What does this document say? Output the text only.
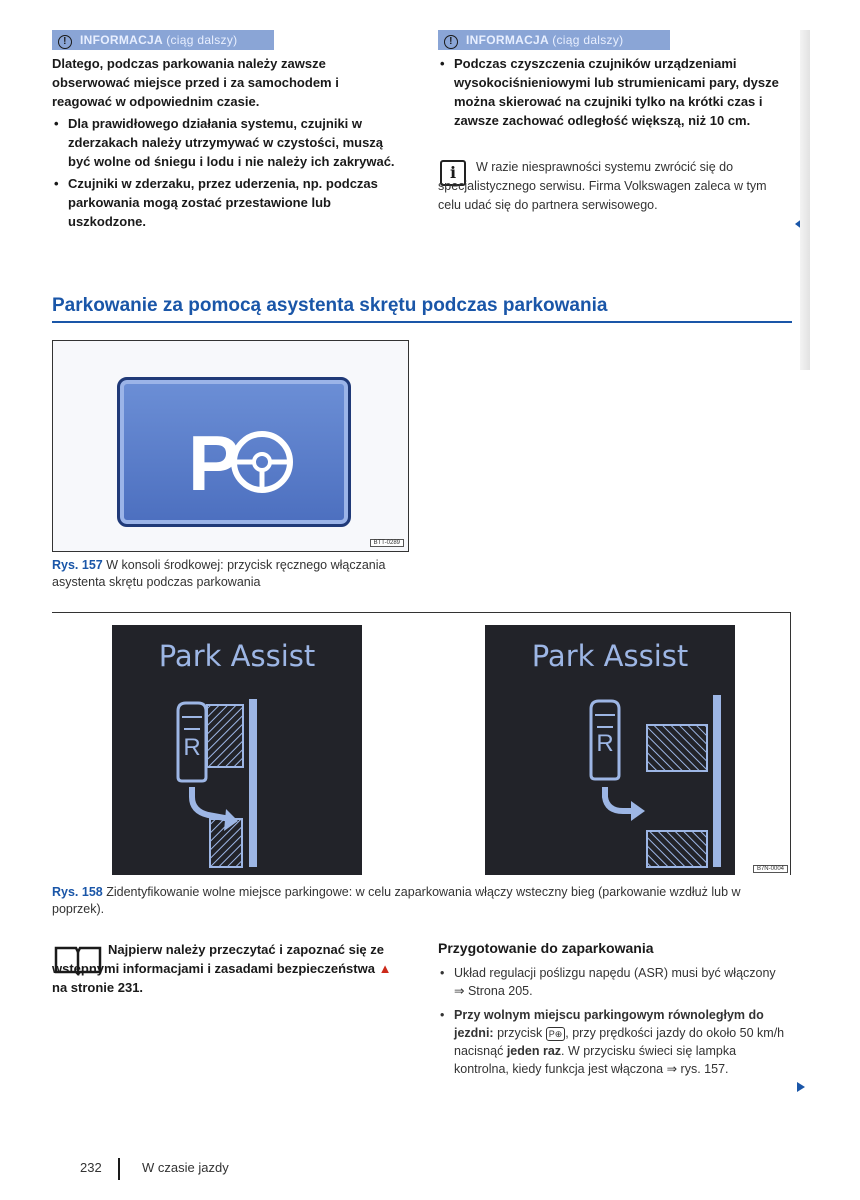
! INFORMACJA (ciąg dalszy)

Dlatego, podczas parkowania należy zawsze obserwować miejsce przed i za samochodem i reagować w odpowiednim czasie.

• Dla prawidłowego działania systemu, czujniki w zderzakach należy utrzymywać w czystości, muszą być wolne od śniegu i lodu i nie należy ich zakrywać.

• Czujniki w zderzaku, przez uderzenia, np. podczas parkowania mogą zostać przestawione lub uszkodzone.

! INFORMACJA (ciąg dalszy)

• Podczas czyszczenia czujników urządzeniami wysokociśnieniowymi lub strumienicami pary, dysze można skierować na czujniki tylko na krótki czas i zawsze zachować odległość większą, niż 10 cm.

i	W razie niesprawności systemu zwrócić się do specjalistycznego serwisu. Firma Volkswagen zaleca w tym celu udać się do partnera serwisowego.
Parkowanie za pomocą asystenta skrętu podczas parkowania
P
BTT-0289
Rys. 157 W konsoli środkowej: przycisk ręcznego włączania asystenta skrętu podczas parkowania
Park Assist
R
Park Assist
R
B7N-0004
Rys. 158 Zidentyfikowanie wolne miejsce parkingowe: w celu zaparkowania włączy wsteczny bieg (parkowanie wzdłuż lub w poprzek).
Najpierw należy przeczytać i zapoznać się ze wstępnymi informacjami i zasadami bezpieczeństwa ▲ na stronie 231.
Przygotowanie do zaparkowania

• Układ regulacji poślizgu napędu (ASR) musi być włączony ⇒ Strona 205.

• Przy wolnym miejscu parkingowym równoległym do jezdni: przycisk P⊕ , przy prędkości jazdy do około 50 km/h nacisnąć jeden raz. W przycisku świeci się lampka kontrolna, kiedy funkcja jest włączona ⇒ rys. 157.

232	W czasie jazdy
